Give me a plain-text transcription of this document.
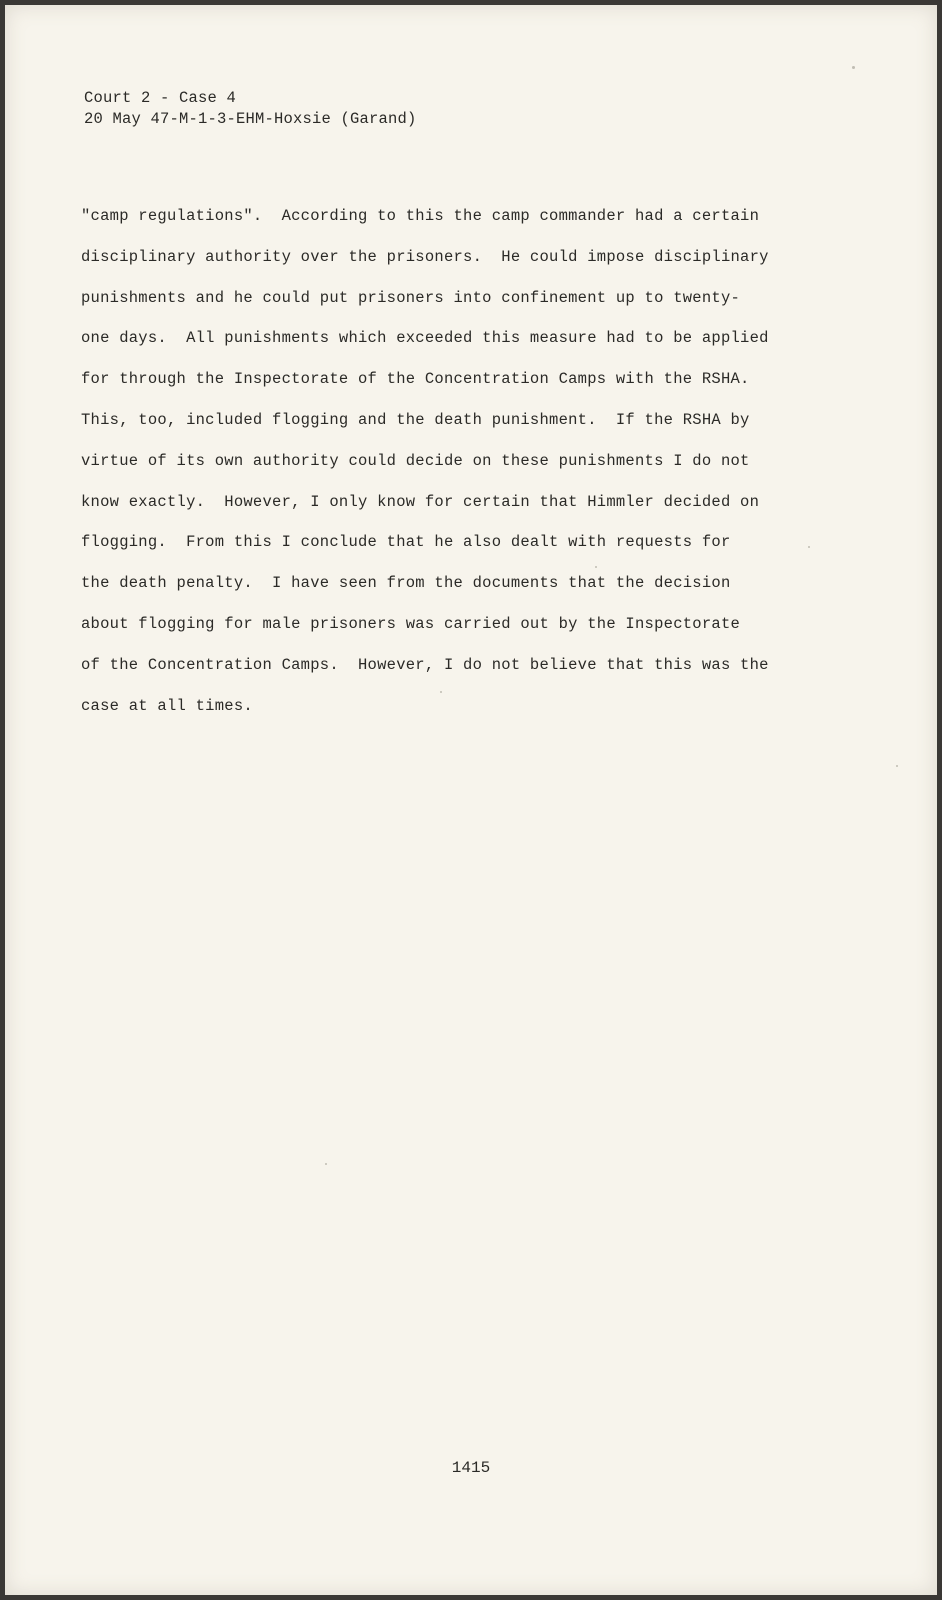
Court 2 - Case 4
20 May 47-M-1-3-EHM-Hoxsie (Garand)
"camp regulations".  According to this the camp commander had a certain
disciplinary authority over the prisoners.  He could impose disciplinary
punishments and he could put prisoners into confinement up to twenty-
one days.  All punishments which exceeded this measure had to be applied
for through the Inspectorate of the Concentration Camps with the RSHA.
This, too, included flogging and the death punishment.  If the RSHA by
virtue of its own authority could decide on these punishments I do not
know exactly.  However, I only know for certain that Himmler decided on
flogging.  From this I conclude that he also dealt with requests for
the death penalty.  I have seen from the documents that the decision
about flogging for male prisoners was carried out by the Inspectorate
of the Concentration Camps.  However, I do not believe that this was the
case at all times.
1415
